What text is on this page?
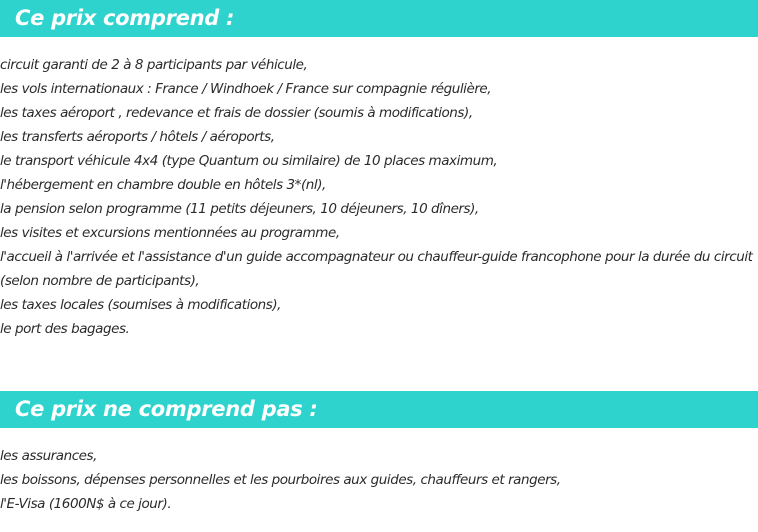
Ce prix comprend :
circuit garanti de 2 à 8 participants par véhicule,
les vols internationaux : France / Windhoek / France sur compagnie régulière,
les taxes aéroport , redevance et frais de dossier (soumis à modifications),
les transferts aéroports / hôtels / aéroports,
le transport véhicule 4x4 (type Quantum ou similaire) de 10 places maximum,
l'hébergement en chambre double en hôtels 3*(nl),
la pension selon programme (11 petits déjeuners, 10 déjeuners, 10 dîners),
les visites et excursions mentionnées au programme,
l'accueil à l'arrivée et l'assistance d'un guide accompagnateur ou chauffeur-guide francophone pour la durée du circuit (selon nombre de participants),
les taxes locales (soumises à modifications),
le port des bagages.
Ce prix ne comprend pas :
les assurances,
les boissons, dépenses personnelles et les pourboires aux guides, chauffeurs et rangers,
l'E-Visa (1600N$ à ce jour).
